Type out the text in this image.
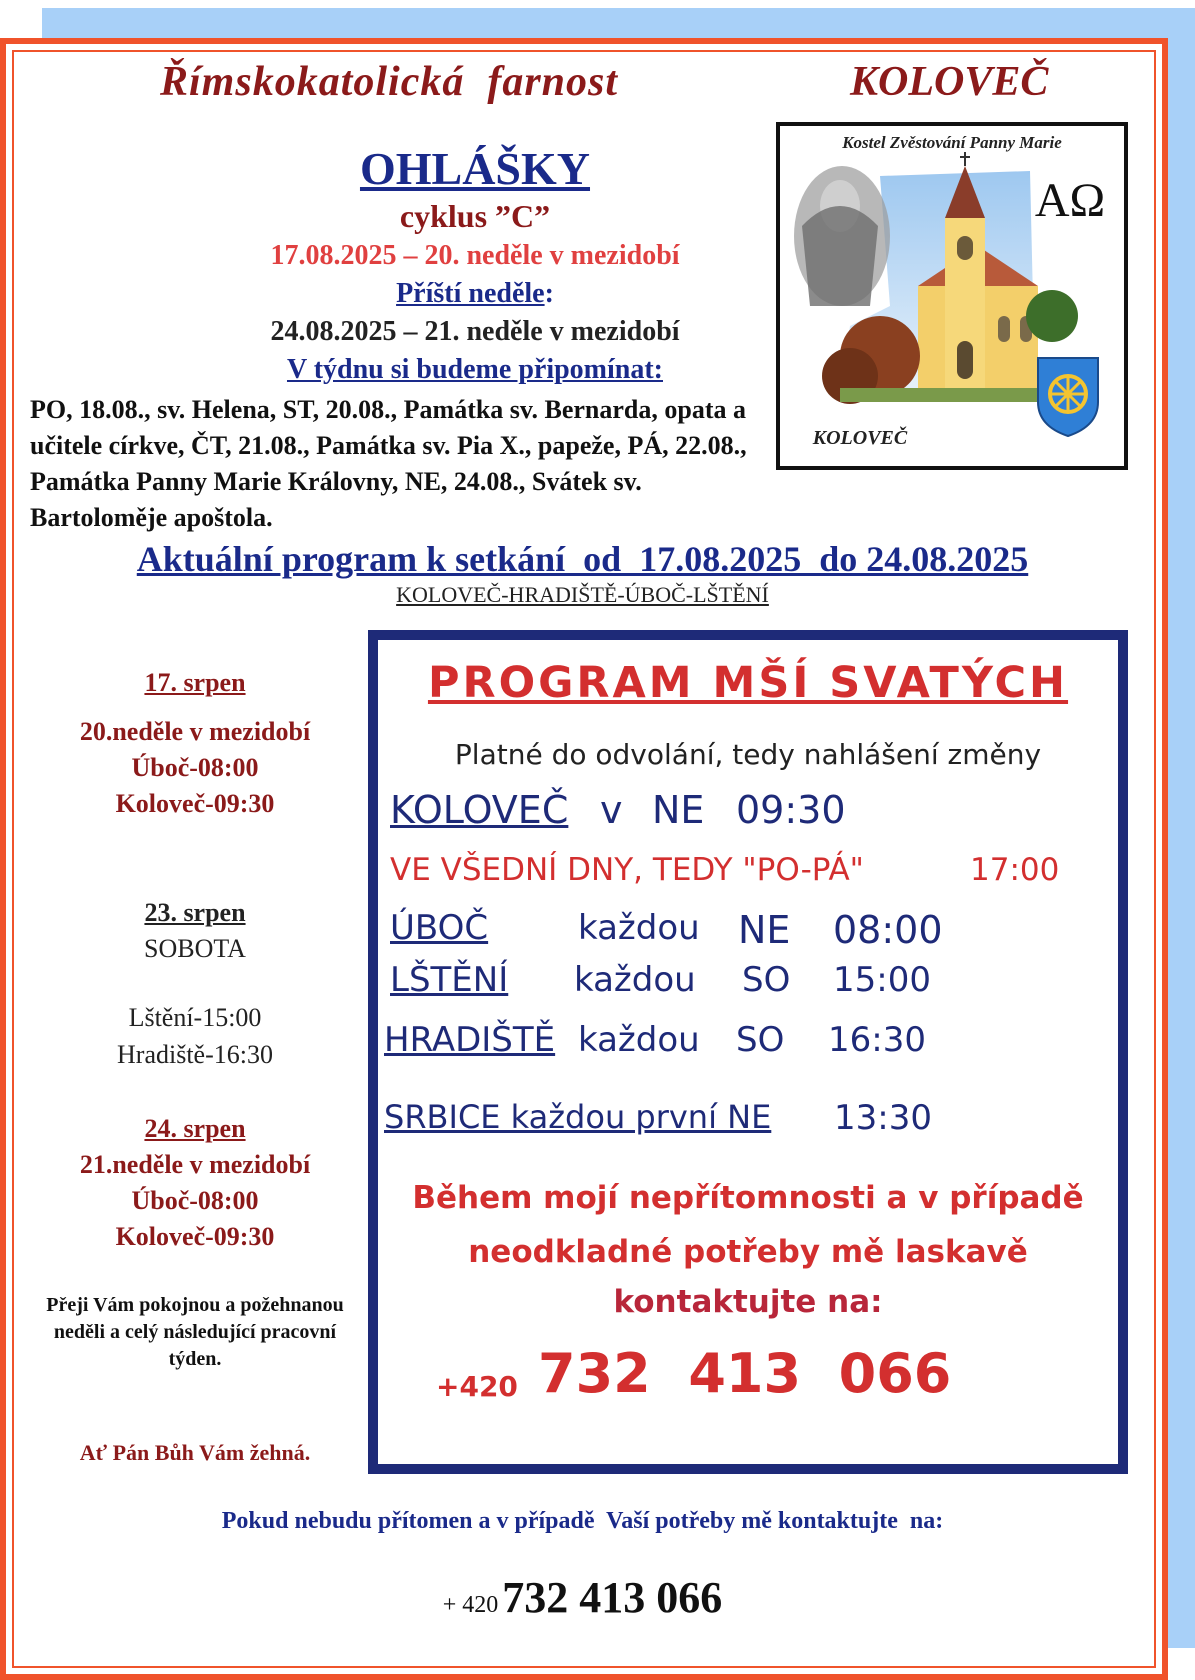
Římskokatolická  farnost	KOLOVEČ
OHLÁŠKY
cyklus ”C”
17.08.2025 – 20. neděle v mezidobí
Příští neděle:
24.08.2025 – 21. neděle v mezidobí
V týdnu si budeme připomínat:
PO, 18.08., sv. Helena, ST, 20.08., Památka sv. Bernarda, opata a učitele církve, ČT, 21.08., Památka sv. Pia X., papeže, PÁ, 22.08., Památka Panny Marie Královny, NE, 24.08., Svátek sv. Bartoloměje apoštola.
Kostel Zvěstování Panny Marie
AΩ
KOLOVEČ
Aktuální program k setkání  od  17.08.2025  do 24.08.2025
KOLOVEČ-HRADIŠTĚ-ÚBOČ-LŠTĚNÍ
17. srpen
20.neděle v mezidobí
Úboč-08:00
Koloveč-09:30
23. srpen
SOBOTA
Lštění-15:00
Hradiště-16:30
24. srpen
21.neděle v mezidobí
Úboč-08:00
Koloveč-09:30
Přeji Vám pokojnou a požehnanou neděli a celý následující pracovní týden.
Ať Pán Bůh Vám žehná.
PROGRAM MŠÍ SVATÝCH
Platné do odvolání, tedy nahlášení změny
KOLOVEČ v NE 09:30
VE VŠEDNÍ DNY, TEDY "PO-PÁ"	17:00
ÚBOČ	každou NE 08:00
LŠTĚNÍ každou SO 15:00
HRADIŠTĚ každou SO 16:30
SRBICE každou první NE 13:30
Během mojí nepřítomnosti a v případě
neodkladné potřeby mě laskavě
kontaktujte na:
+420 732  413  066
Pokud nebudu přítomen a v případě  Vaší potřeby mě kontaktujte  na:
+ 420 732 413 066
